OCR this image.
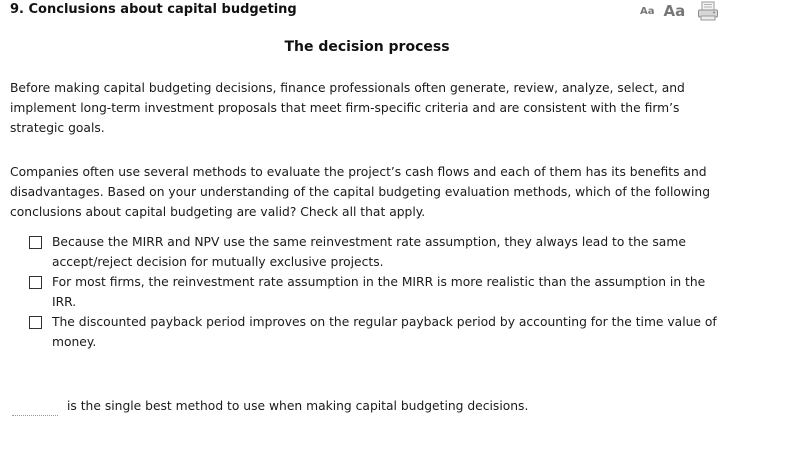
9. Conclusions about capital budgeting	Aa Aa
The decision process

Before making capital budgeting decisions, finance professionals often generate, review, analyze, select, and implement long-term investment proposals that meet firm-specific criteria and are consistent with the firm’s strategic goals.

Companies often use several methods to evaluate the project’s cash flows and each of them has its benefits and disadvantages. Based on your understanding of the capital budgeting evaluation methods, which of the following conclusions about capital budgeting are valid? Check all that apply.

Because the MIRR and NPV use the same reinvestment rate assumption, they always lead to the same accept/reject decision for mutually exclusive projects.
For most firms, the reinvestment rate assumption in the MIRR is more realistic than the assumption in the IRR.
The discounted payback period improves on the regular payback period by accounting for the time value of money.
is the single best method to use when making capital budgeting decisions.
